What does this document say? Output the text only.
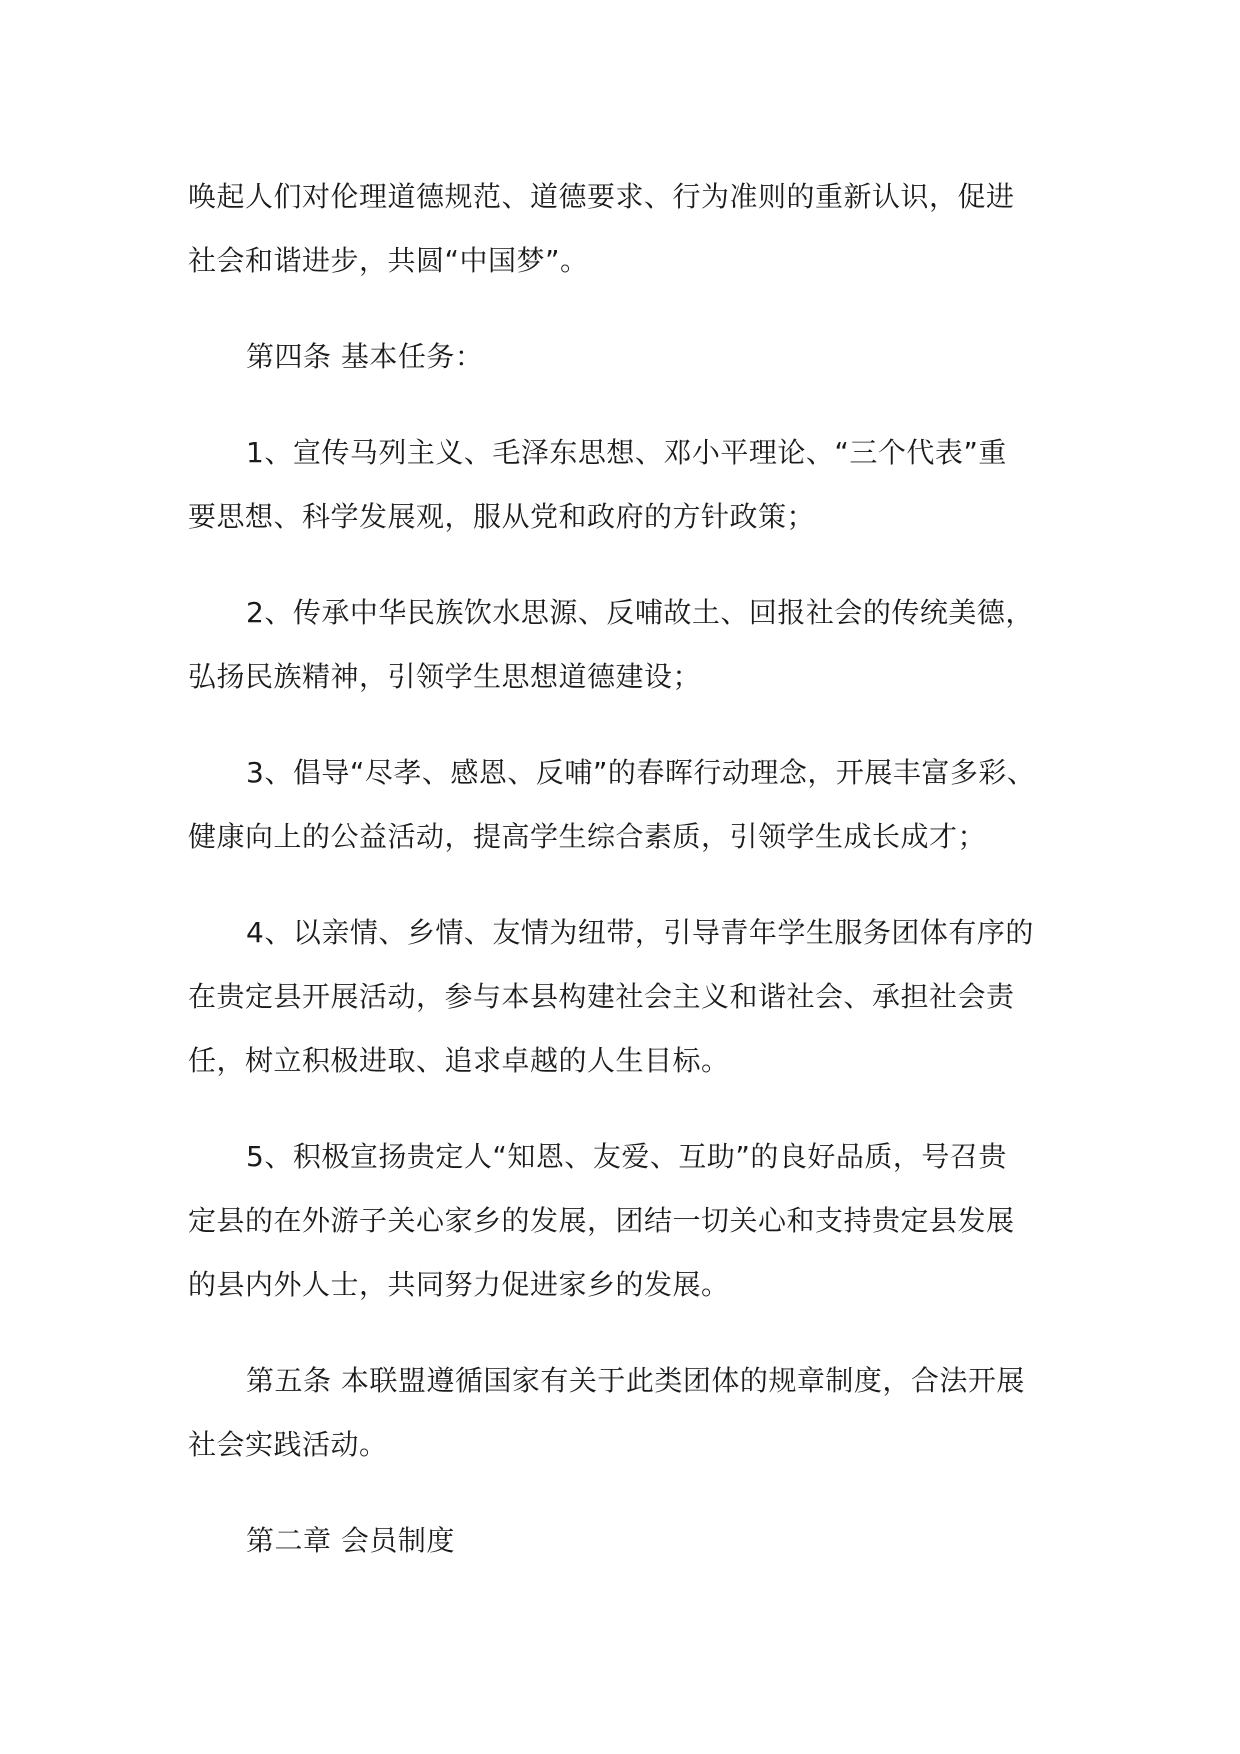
唤起人们对伦理道德规范、道德要求、行为准则的重新认识，促进
社会和谐进步，共圆“中国梦”。

第四条 基本任务：

1、宣传马列主义、毛泽东思想、邓小平理论、“三个代表”重
要思想、科学发展观，服从党和政府的方针政策；

2、传承中华民族饮水思源、反哺故土、回报社会的传统美德，
弘扬民族精神，引领学生思想道德建设；

3、倡导“尽孝、感恩、反哺”的春晖行动理念，开展丰富多彩、
健康向上的公益活动，提高学生综合素质，引领学生成长成才；

4、以亲情、乡情、友情为纽带，引导青年学生服务团体有序的
在贵定县开展活动，参与本县构建社会主义和谐社会、承担社会责
任，树立积极进取、追求卓越的人生目标。

5、积极宣扬贵定人“知恩、友爱、互助”的良好品质，号召贵
定县的在外游子关心家乡的发展，团结一切关心和支持贵定县发展
的县内外人士，共同努力促进家乡的发展。

第五条 本联盟遵循国家有关于此类团体的规章制度，合法开展
社会实践活动。

第二章 会员制度
